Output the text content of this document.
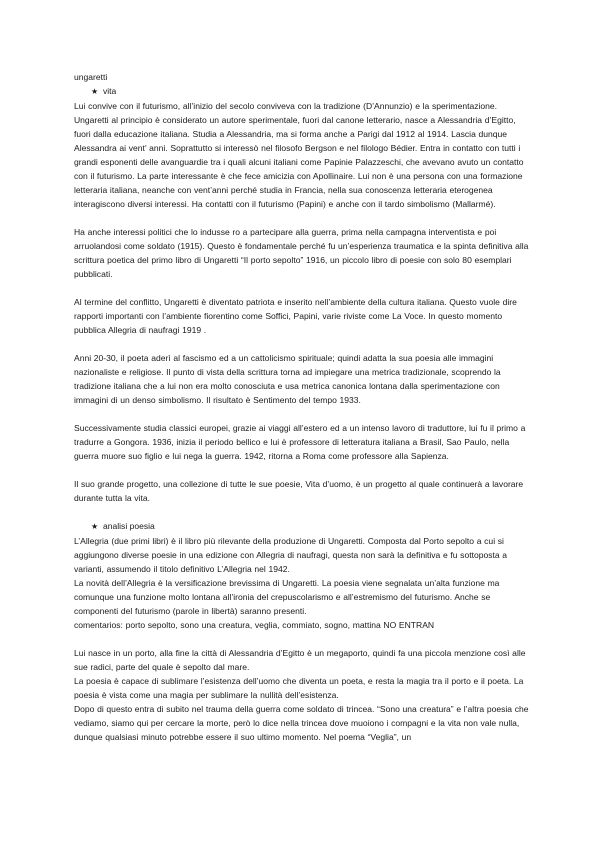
ungaretti

★ vita

Lui convive con il futurismo, all’inizio del secolo conviveva con la tradizione (D’Annunzio) e la sperimentazione. Ungaretti al principio è considerato un autore sperimentale, fuori dal canone letterario, nasce a Alessandria d’Egitto, fuori dalla educazione italiana. Studia a Alessandria, ma si forma anche a Parigi dal 1912 al 1914. Lascia dunque Alessandra ai vent’ anni. Soprattutto si interessò nel filosofo Bergson e nel filologo Bédier. Entra in contatto con tutti i grandi esponenti delle avanguardie tra i quali alcuni italiani come Papinie Palazzeschi, che avevano avuto un contatto con il futurismo. La parte interessante è che fece amicizia con Apollinaire. Lui non è una persona con una formazione letteraria italiana, neanche con vent’anni perché studia in Francia, nella sua conoscenza letteraria eterogenea interagiscono diversi interessi. Ha contatti con il futurismo (Papini) e anche con il tardo simbolismo (Mallarmé).

Ha anche interessi politici che lo indusse ro a partecipare alla guerra, prima nella campagna interventista e poi arruolandosi come soldato (1915). Questo è fondamentale perché fu un’esperienza traumatica e la spinta definitiva alla scrittura poetica del primo libro di Ungaretti “Il porto sepolto” 1916, un piccolo libro di poesie con solo 80 esemplari pubblicati.

Al termine del conflitto, Ungaretti è diventato patriota e inserito nell’ambiente della cultura italiana. Questo vuole dire rapporti importanti con l’ambiente fiorentino come Soffici, Papini, varie riviste come La Voce. In questo momento pubblica Allegria di naufragi 1919 .

Anni 20-30, il poeta aderì al fascismo ed a un cattolicismo spirituale; quindi adatta la sua poesia alle immagini nazionaliste e religiose. Il punto di vista della scrittura torna ad impiegare una metrica tradizionale, scoprendo la tradizione italiana che a lui non era molto conosciuta e usa metrica canonica lontana dalla sperimentazione con immagini di un denso simbolismo. Il risultato è Sentimento del tempo 1933.

Successivamente studia classici europei, grazie ai viaggi all’estero ed a un intenso lavoro di traduttore, lui fu il primo a tradurre a Gongora. 1936, inizia il periodo bellico e lui è professore di letteratura italiana a Brasil, Sao Paulo, nella guerra muore suo figlio e lui nega la guerra. 1942, ritorna a Roma come professore alla Sapienza.

Il suo grande progetto, una collezione di tutte le sue poesie, Vita d’uomo, è un progetto al quale continuerà a lavorare durante tutta la vita.

★ analisi poesia

L’Allegria (due primi libri) è il libro più rilevante della produzione di Ungaretti. Composta dal Porto sepolto a cui si aggiungono diverse poesie in una edizione con Allegria di naufragi, questa non sarà la definitiva e fu sottoposta a varianti, assumendo il titolo definitivo L’Allegria nel 1942.

La novità dell’Allegria è la versificazione brevissima di Ungaretti. La poesia viene segnalata un’alta funzione ma comunque una funzione molto lontana all’ironia del crepuscolarismo e all’estremismo del futurismo. Anche se componenti del futurismo (parole in libertà) saranno presenti.

comentarios: porto sepolto, sono una creatura, veglia, commiato, sogno, mattina NO ENTRAN

Lui nasce in un porto, alla fine la città di Alessandria d’Egitto è un megaporto, quindi fa una piccola menzione così alle sue radici, parte del quale è sepolto dal mare.

La poesia è capace di sublimare l’esistenza dell’uomo che diventa un poeta, e resta la magia tra il porto e il poeta. La poesia è vista come una magia per sublimare la nullità dell’esistenza.

Dopo di questo entra di subito nel trauma della guerra come soldato di trincea. “Sono una creatura” e l’altra poesia che vediamo, siamo qui per cercare la morte, però lo dice nella trincea dove muoiono i compagni e la vita non vale nulla, dunque qualsiasi minuto potrebbe essere il suo ultimo momento. Nel poema “Veglia”, un
